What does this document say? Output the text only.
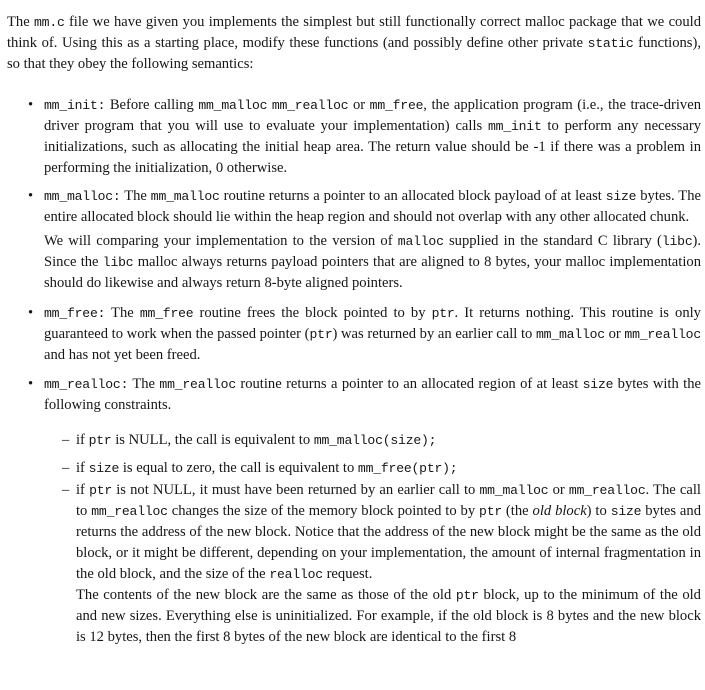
The mm.c file we have given you implements the simplest but still functionally correct malloc package that we could think of. Using this as a starting place, modify these functions (and possibly define other private static functions), so that they obey the following semantics:

• mm_init: Before calling mm_malloc mm_realloc or mm_free, the application program (i.e., the trace-driven driver program that you will use to evaluate your implementation) calls mm_init to perform any necessary initializations, such as allocating the initial heap area. The return value should be -1 if there was a problem in performing the initialization, 0 otherwise.

• mm_malloc: The mm_malloc routine returns a pointer to an allocated block payload of at least size bytes. The entire allocated block should lie within the heap region and should not overlap with any other allocated chunk.

We will comparing your implementation to the version of malloc supplied in the standard C library (libc). Since the libc malloc always returns payload pointers that are aligned to 8 bytes, your malloc implementation should do likewise and always return 8-byte aligned pointers.

• mm_free: The mm_free routine frees the block pointed to by ptr. It returns nothing. This routine is only guaranteed to work when the passed pointer (ptr) was returned by an earlier call to mm_malloc or mm_realloc and has not yet been freed.

• mm_realloc: The mm_realloc routine returns a pointer to an allocated region of at least size bytes with the following constraints.

– if ptr is NULL, the call is equivalent to mm_malloc(size);

– if size is equal to zero, the call is equivalent to mm_free(ptr);

– if ptr is not NULL, it must have been returned by an earlier call to mm_malloc or mm_realloc. The call to mm_realloc changes the size of the memory block pointed to by ptr (the old block) to size bytes and returns the address of the new block. Notice that the address of the new block might be the same as the old block, or it might be different, depending on your implementation, the amount of internal fragmentation in the old block, and the size of the realloc request.

The contents of the new block are the same as those of the old ptr block, up to the minimum of the old and new sizes. Everything else is uninitialized. For example, if the old block is 8 bytes and the new block is 12 bytes, then the first 8 bytes of the new block are identical to the first 8
